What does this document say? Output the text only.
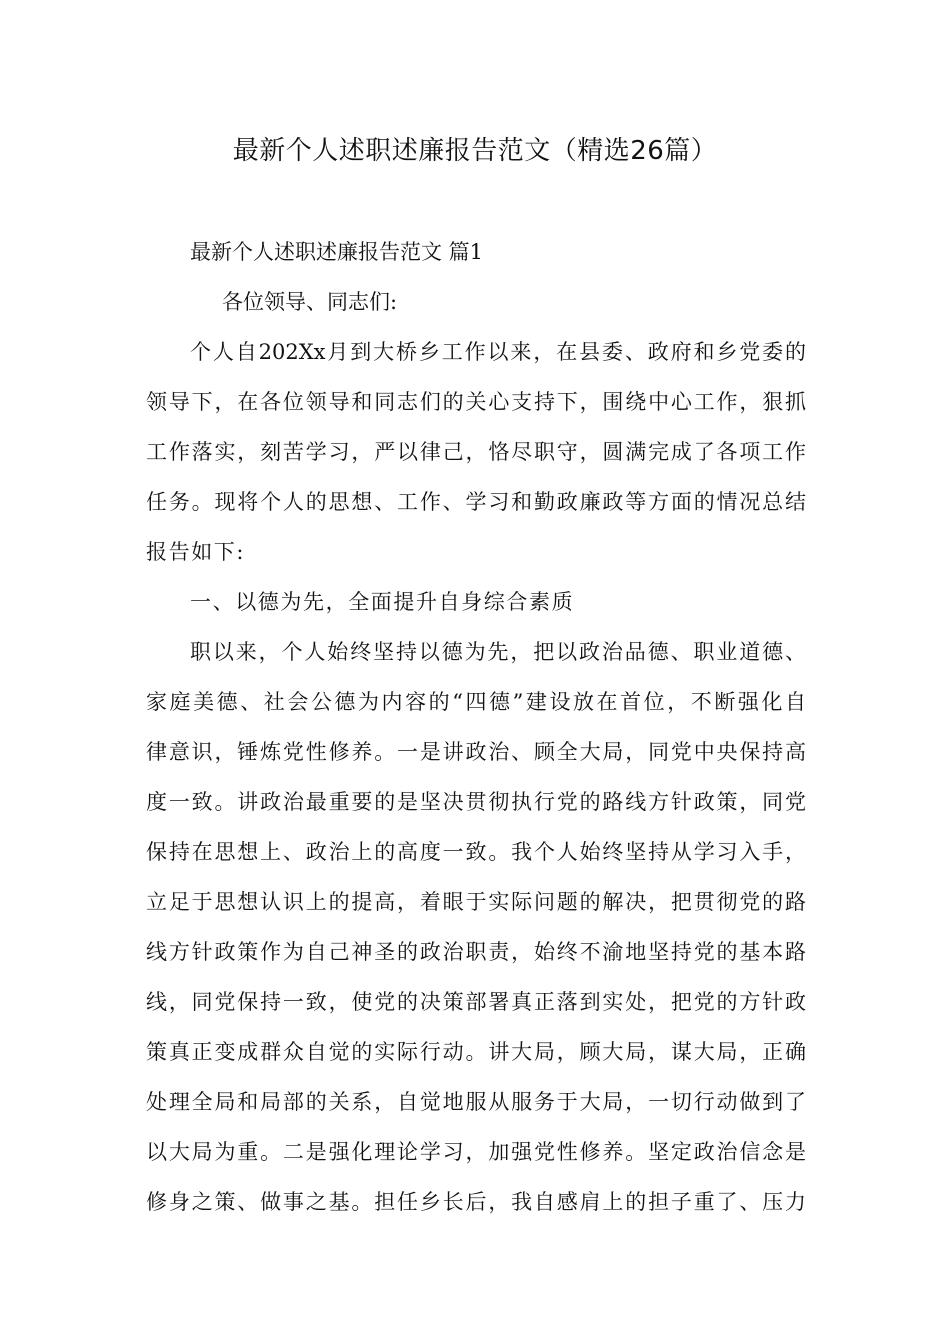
最新个人述职述廉报告范文（精选26篇）
最新个人述职述廉报告范文 篇1
各位领导、同志们:
个人自202Xx月到大桥乡工作以来，在县委、政府和乡党委的
领导下，在各位领导和同志们的关心支持下，围绕中心工作，狠抓
工作落实，刻苦学习，严以律己，恪尽职守，圆满完成了各项工作
任务。现将个人的思想、工作、学习和勤政廉政等方面的情况总结
报告如下:
一、以德为先，全面提升自身综合素质
职以来，个人始终坚持以德为先，把以政治品德、职业道德、
家庭美德、社会公德为内容的“四德”建设放在首位，不断强化自
律意识，锤炼党性修养。一是讲政治、顾全大局，同党中央保持高
度一致。讲政治最重要的是坚决贯彻执行党的路线方针政策，同党
保持在思想上、政治上的高度一致。我个人始终坚持从学习入手，
立足于思想认识上的提高，着眼于实际问题的解决，把贯彻党的路
线方针政策作为自己神圣的政治职责，始终不渝地坚持党的基本路
线，同党保持一致，使党的决策部署真正落到实处，把党的方针政
策真正变成群众自觉的实际行动。讲大局，顾大局，谋大局，正确
处理全局和局部的关系，自觉地服从服务于大局，一切行动做到了
以大局为重。二是强化理论学习，加强党性修养。坚定政治信念是
修身之策、做事之基。担任乡长后，我自感肩上的担子重了、压力
